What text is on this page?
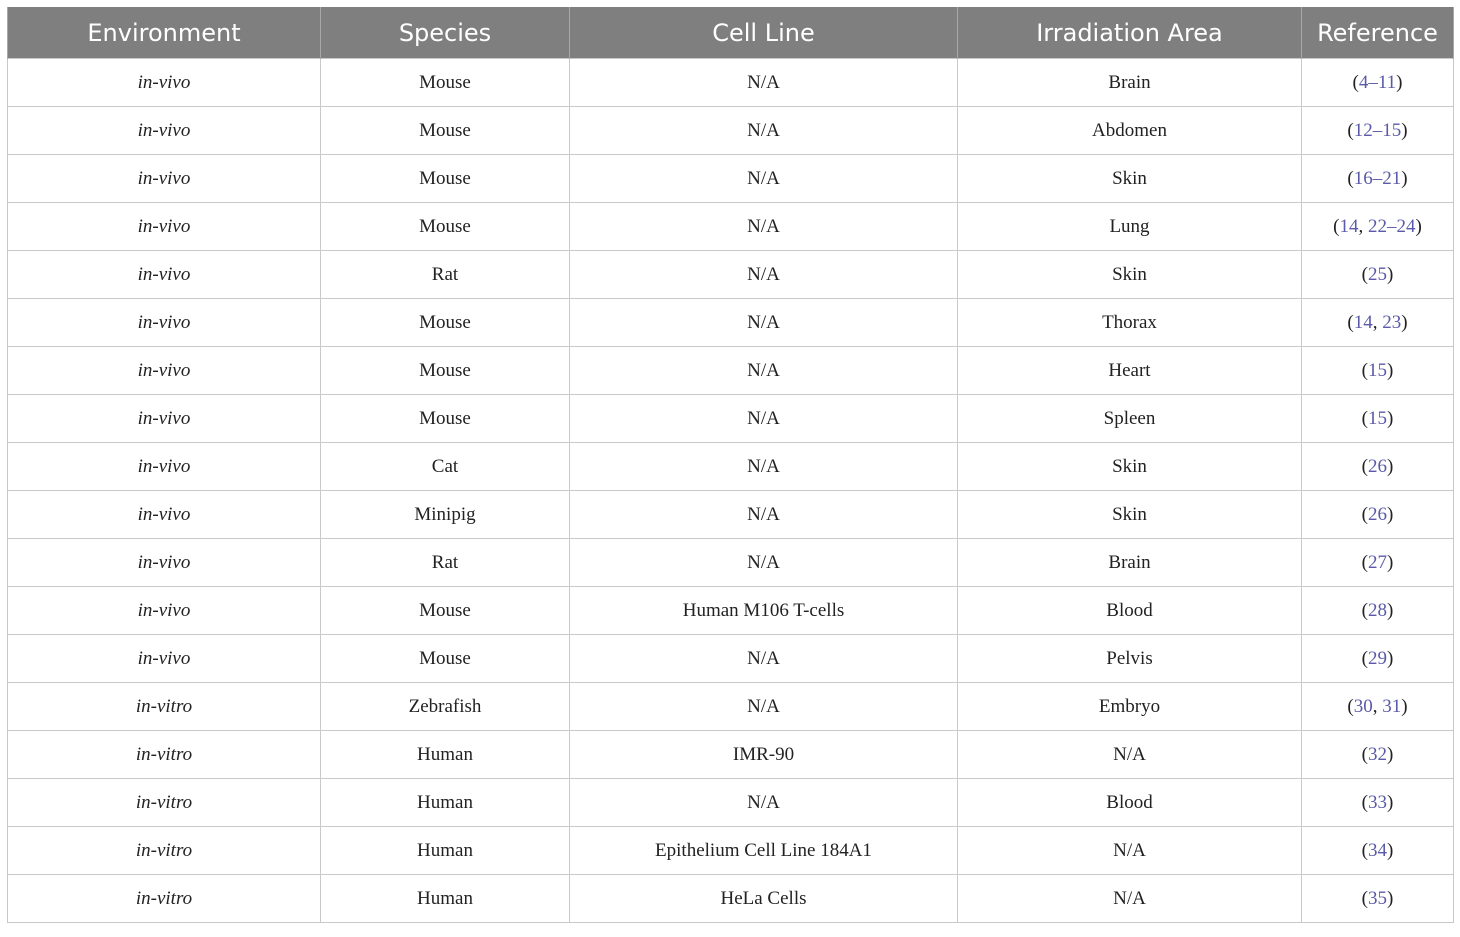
Environment	Species	Cell Line	Irradiation Area	Reference
in-vivo	Mouse	N/A	Brain	(4–11)
in-vivo	Mouse	N/A	Abdomen	(12–15)
in-vivo	Mouse	N/A	Skin	(16–21)
in-vivo	Mouse	N/A	Lung	(14, 22–24)
in-vivo	Rat	N/A	Skin	(25)
in-vivo	Mouse	N/A	Thorax	(14, 23)
in-vivo	Mouse	N/A	Heart	(15)
in-vivo	Mouse	N/A	Spleen	(15)
in-vivo	Cat	N/A	Skin	(26)
in-vivo	Minipig	N/A	Skin	(26)
in-vivo	Rat	N/A	Brain	(27)
in-vivo	Mouse	Human M106 T-cells	Blood	(28)
in-vivo	Mouse	N/A	Pelvis	(29)
in-vitro	Zebrafish	N/A	Embryo	(30, 31)
in-vitro	Human	IMR-90	N/A	(32)
in-vitro	Human	N/A	Blood	(33)
in-vitro	Human	Epithelium Cell Line 184A1	N/A	(34)
in-vitro	Human	HeLa Cells	N/A	(35)
